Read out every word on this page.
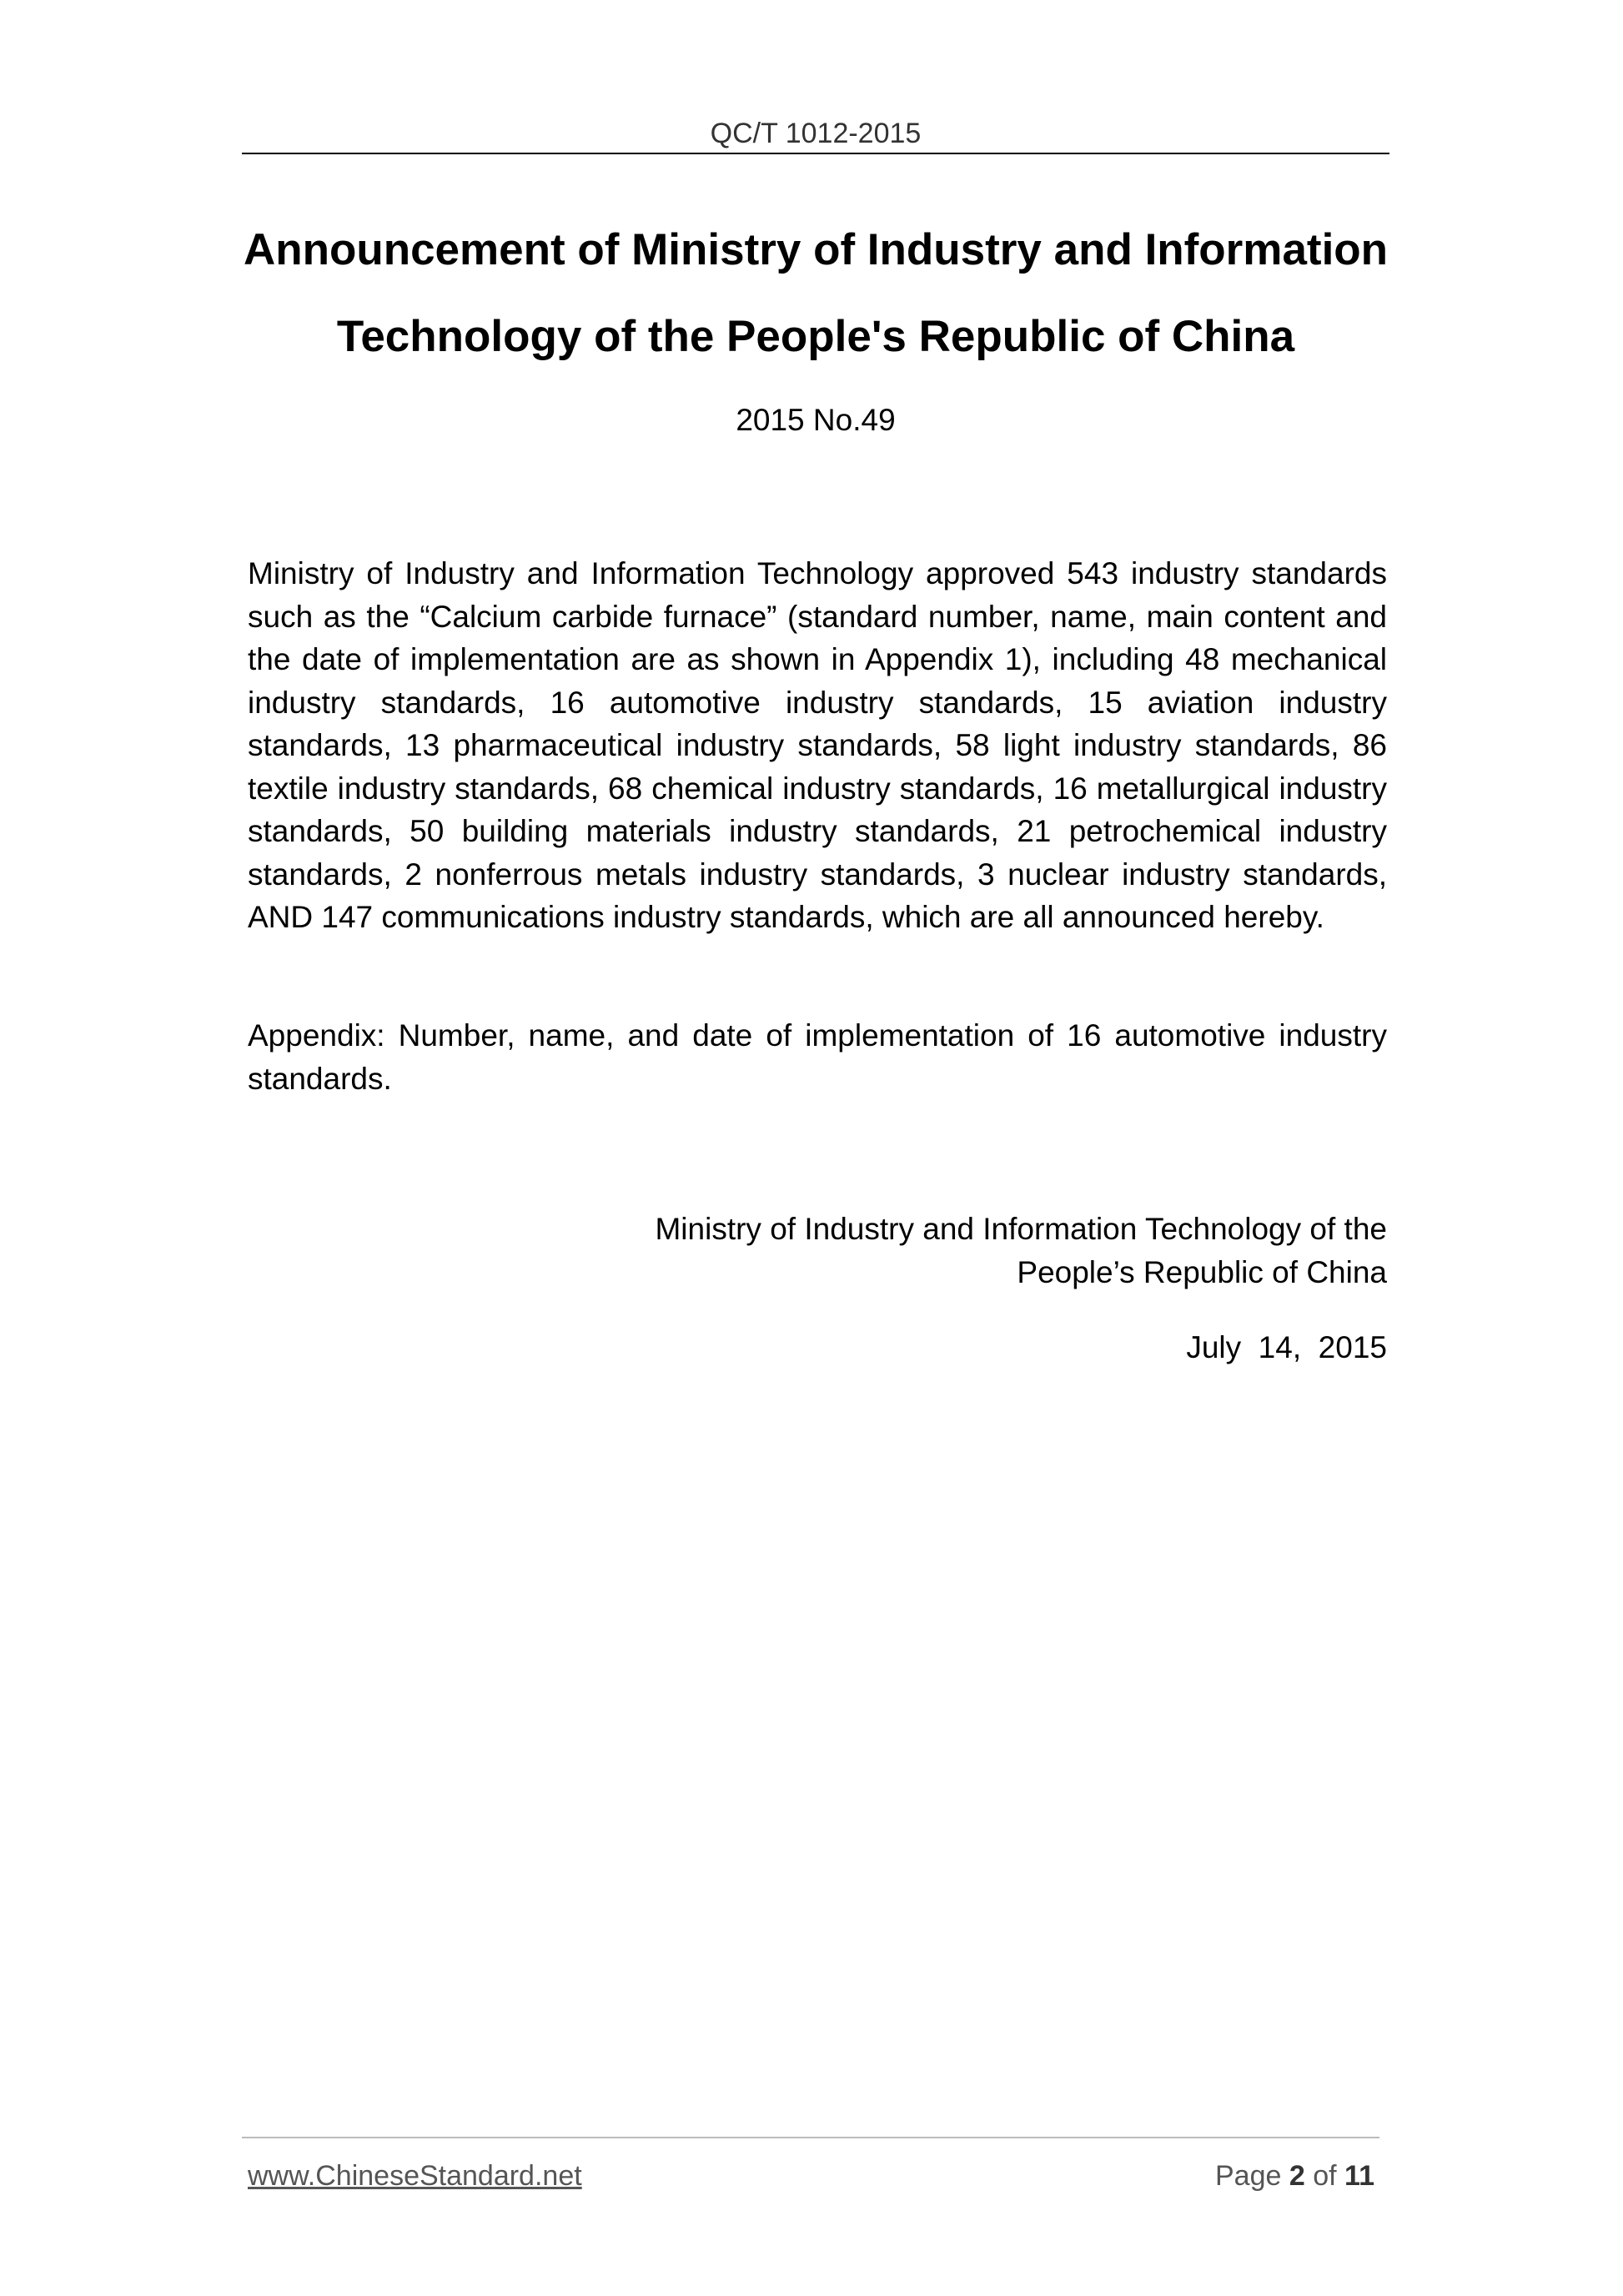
QC/T 1012-2015
Announcement of Ministry of Industry and Information
Technology of the People's Republic of China
2015 No.49

Ministry of Industry and Information Technology approved 543 industry standards such as the “Calcium carbide furnace” (standard number, name, main content and the date of implementation are as shown in Appendix 1), including 48 mechanical industry standards, 16 automotive industry standards, 15 aviation industry standards, 13 pharmaceutical industry standards, 58 light industry standards, 86 textile industry standards, 68 chemical industry standards, 16 metallurgical industry standards, 50 building materials industry standards, 21 petrochemical industry standards, 2 nonferrous metals industry standards, 3 nuclear industry standards, AND 147 communications industry standards, which are all announced hereby.

Appendix: Number, name, and date of implementation of 16 automotive industry standards.

Ministry of Industry and Information Technology of the
People’s Republic of China
July  14,  2015
www.ChineseStandard.net	Page 2 of 11
